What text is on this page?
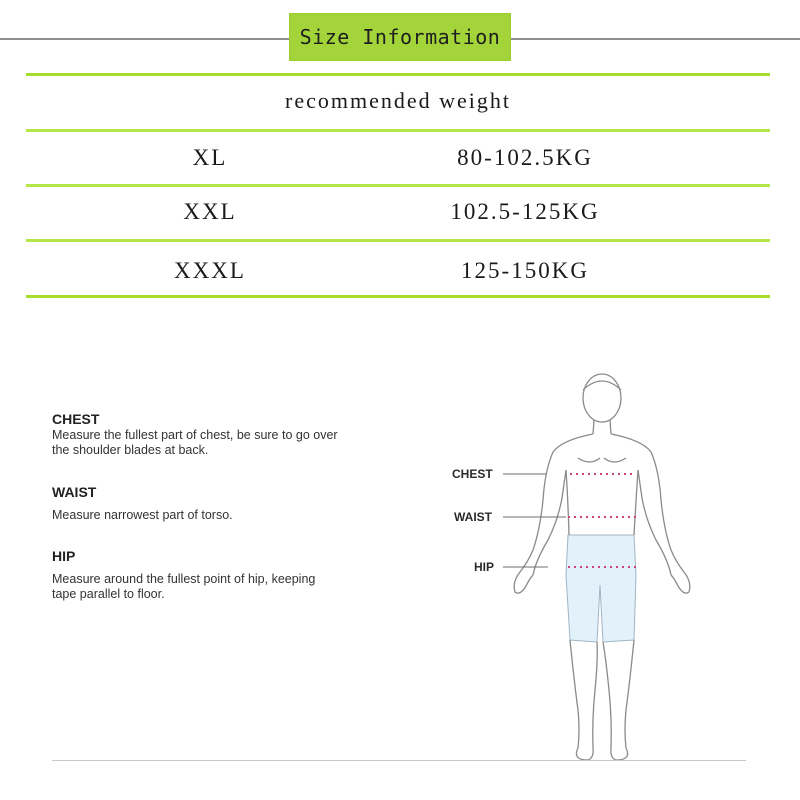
Size Information
recommended weight
XL	80-102.5KG
XXL	102.5-125KG
XXXL	125-150KG
CHEST
Measure the fullest part of chest, be sure to go over the shoulder blades at back.
WAIST
Measure narrowest part of torso.
HIP
Measure around the fullest point of hip, keeping tape parallel to floor.
CHEST
WAIST
HIP
